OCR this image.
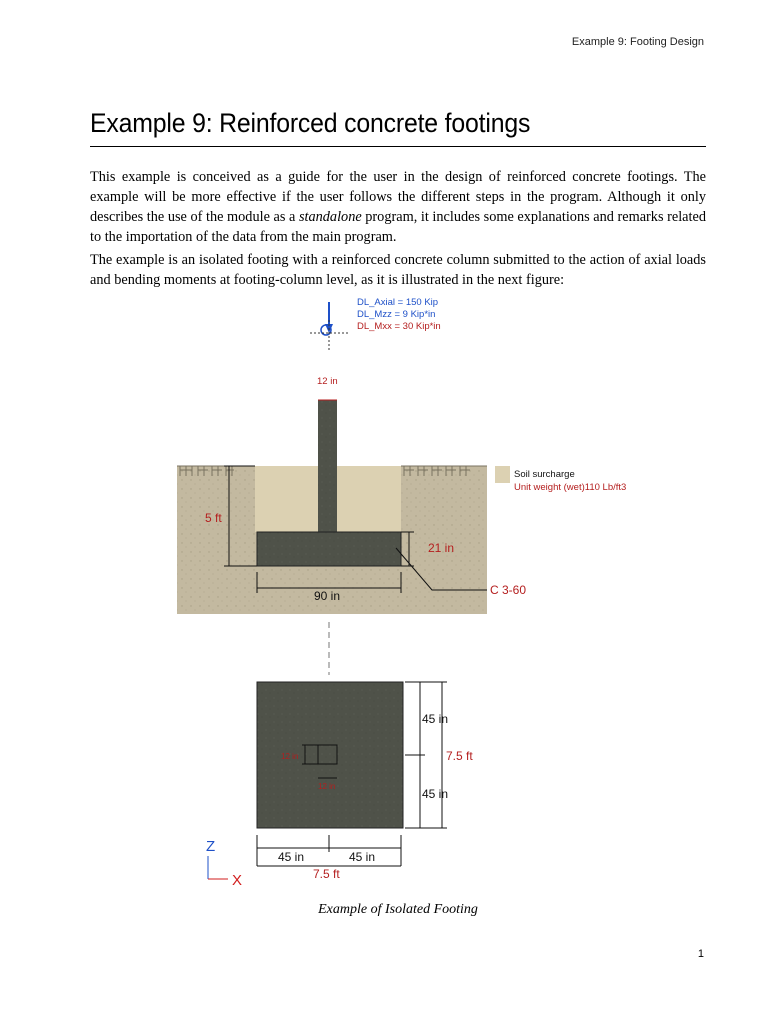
Example 9: Footing Design
Example 9: Reinforced concrete footings

This example is conceived as a guide for the user in the design of reinforced concrete footings. The example will be more effective if the user follows the different steps in the program. Although it only describes the use of the module as a standalone program, it includes some explanations and remarks related to the importation of the data from the main program.

The example is an isolated footing with a reinforced concrete column submitted to the action of axial loads and bending moments at footing-column level, as it is illustrated in the next figure:

DL_Axial = 150 Kip
DL_Mzz = 9 Kip*in
DL_Mxx = 30 Kip*in
12 in
5 ft
21 in
90 in	C 3-60
Soil surcharge
Unit weight (wet)110 Lb/ft3
12 in
12 in
45 in
45 in
7.5 ft
45 in	45 in
7.5 ft
Z
X
Example of Isolated Footing
1
